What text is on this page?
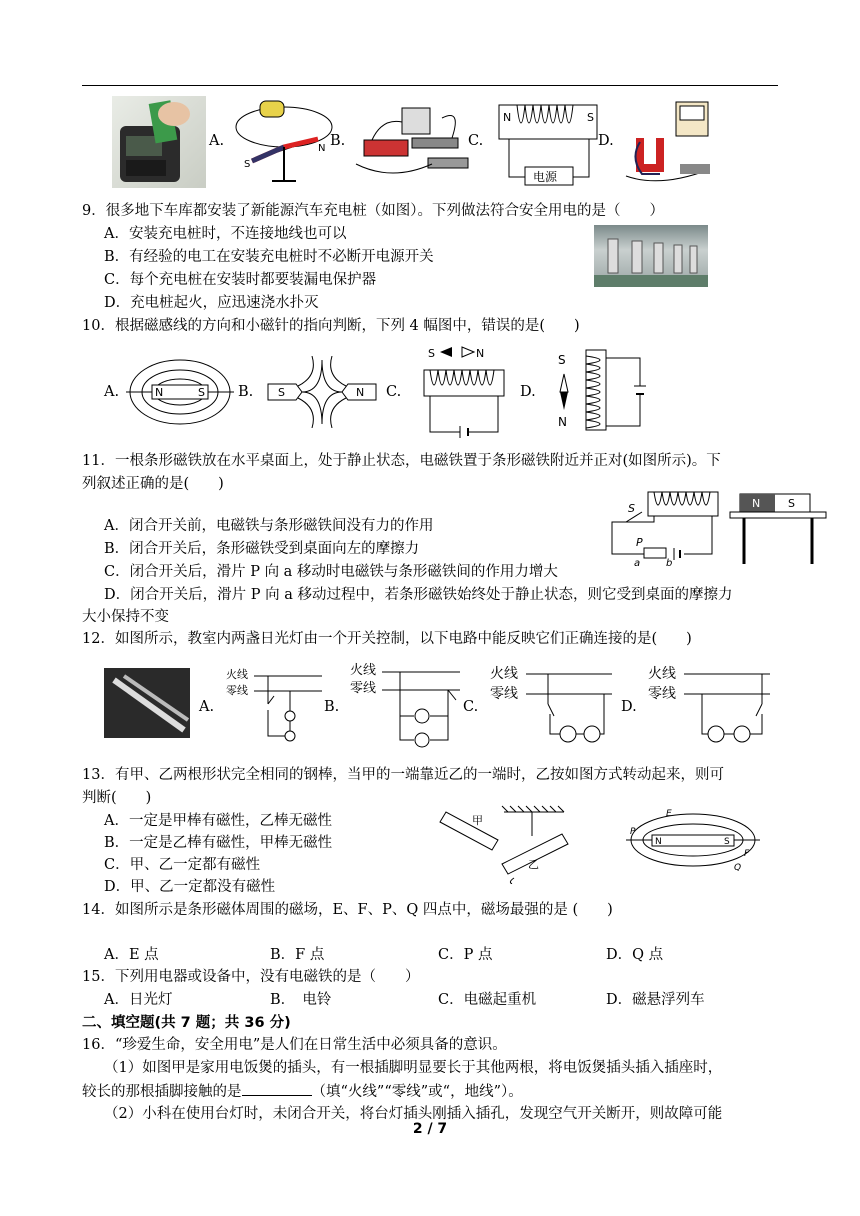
A.
S
N B.	C.
N	S
电源
D.
9．很多地下车库都安装了新能源汽车充电桩（如图）。下列做法符合安全用电的是（　　）
A．安装充电桩时，不连接地线也可以
B．有经验的电工在安装充电桩时不必断开电源开关
C．每个充电桩在安装时都要装漏电保护器
D．充电桩起火，应迅速浇水扑灭
10．根据磁感线的方向和小磁针的指向判断，下列 4 幅图中，错误的是(　　)
A.	N	S B. S	N C.
S	N
D.
S
N
11．一根条形磁铁放在水平桌面上，处于静止状态，电磁铁置于条形磁铁附近并正对(如图所示)。下
列叙述正确的是(　　)
A．闭合开关前，电磁铁与条形磁铁间没有力的作用
B．闭合开关后，条形磁铁受到桌面向左的摩擦力
C．闭合开关后，滑片 P 向 a 移动时电磁铁与条形磁铁间的作用力增大
D．闭合开关后，滑片 P 向 a 移动过程中，若条形磁铁始终处于静止状态，则它受到桌面的摩擦力
大小保持不变
S
P
a	b
N	S
12．如图所示，教室内两盏日光灯由一个开关控制，以下电路中能反映它们正确连接的是(　　)
A.
火线
零线
B.
火线
零线
C.
火线
零线
D.
火线
零线
13．有甲、乙两根形状完全相同的钢棒，当甲的一端靠近乙的一端时，乙按如图方式转动起来，则可
判断(　　)
A．一定是甲棒有磁性，乙棒无磁性
B．一定是乙棒有磁性，甲棒无磁性
C．甲、乙一定都有磁性
D．甲、乙一定都没有磁性
甲
乙
N	S
E
P
F
Q
14．如图所示是条形磁体周围的磁场，E、F、P、Q 四点中，磁场最强的是 (　　)
A．E 点	B．F 点	C．P 点	D．Q 点
15．下列用电器或设备中，没有电磁铁的是（　　）
A．日光灯	B．　电铃	C．电磁起重机	D．磁悬浮列车
二、填空题(共 7 题；共 36 分)
16．“珍爱生命，安全用电”是人们在日常生活中必须具备的意识。
（1）如图甲是家用电饭煲的插头，有一根插脚明显要长于其他两根，将电饭煲插头插入插座时，
较长的那根插脚接触的是	（填“火线”“零线”或“，地线”）。
（2）小科在使用台灯时，未闭合开关，将台灯插头刚插入插孔，发现空气开关断开，则故障可能
2 / 7
